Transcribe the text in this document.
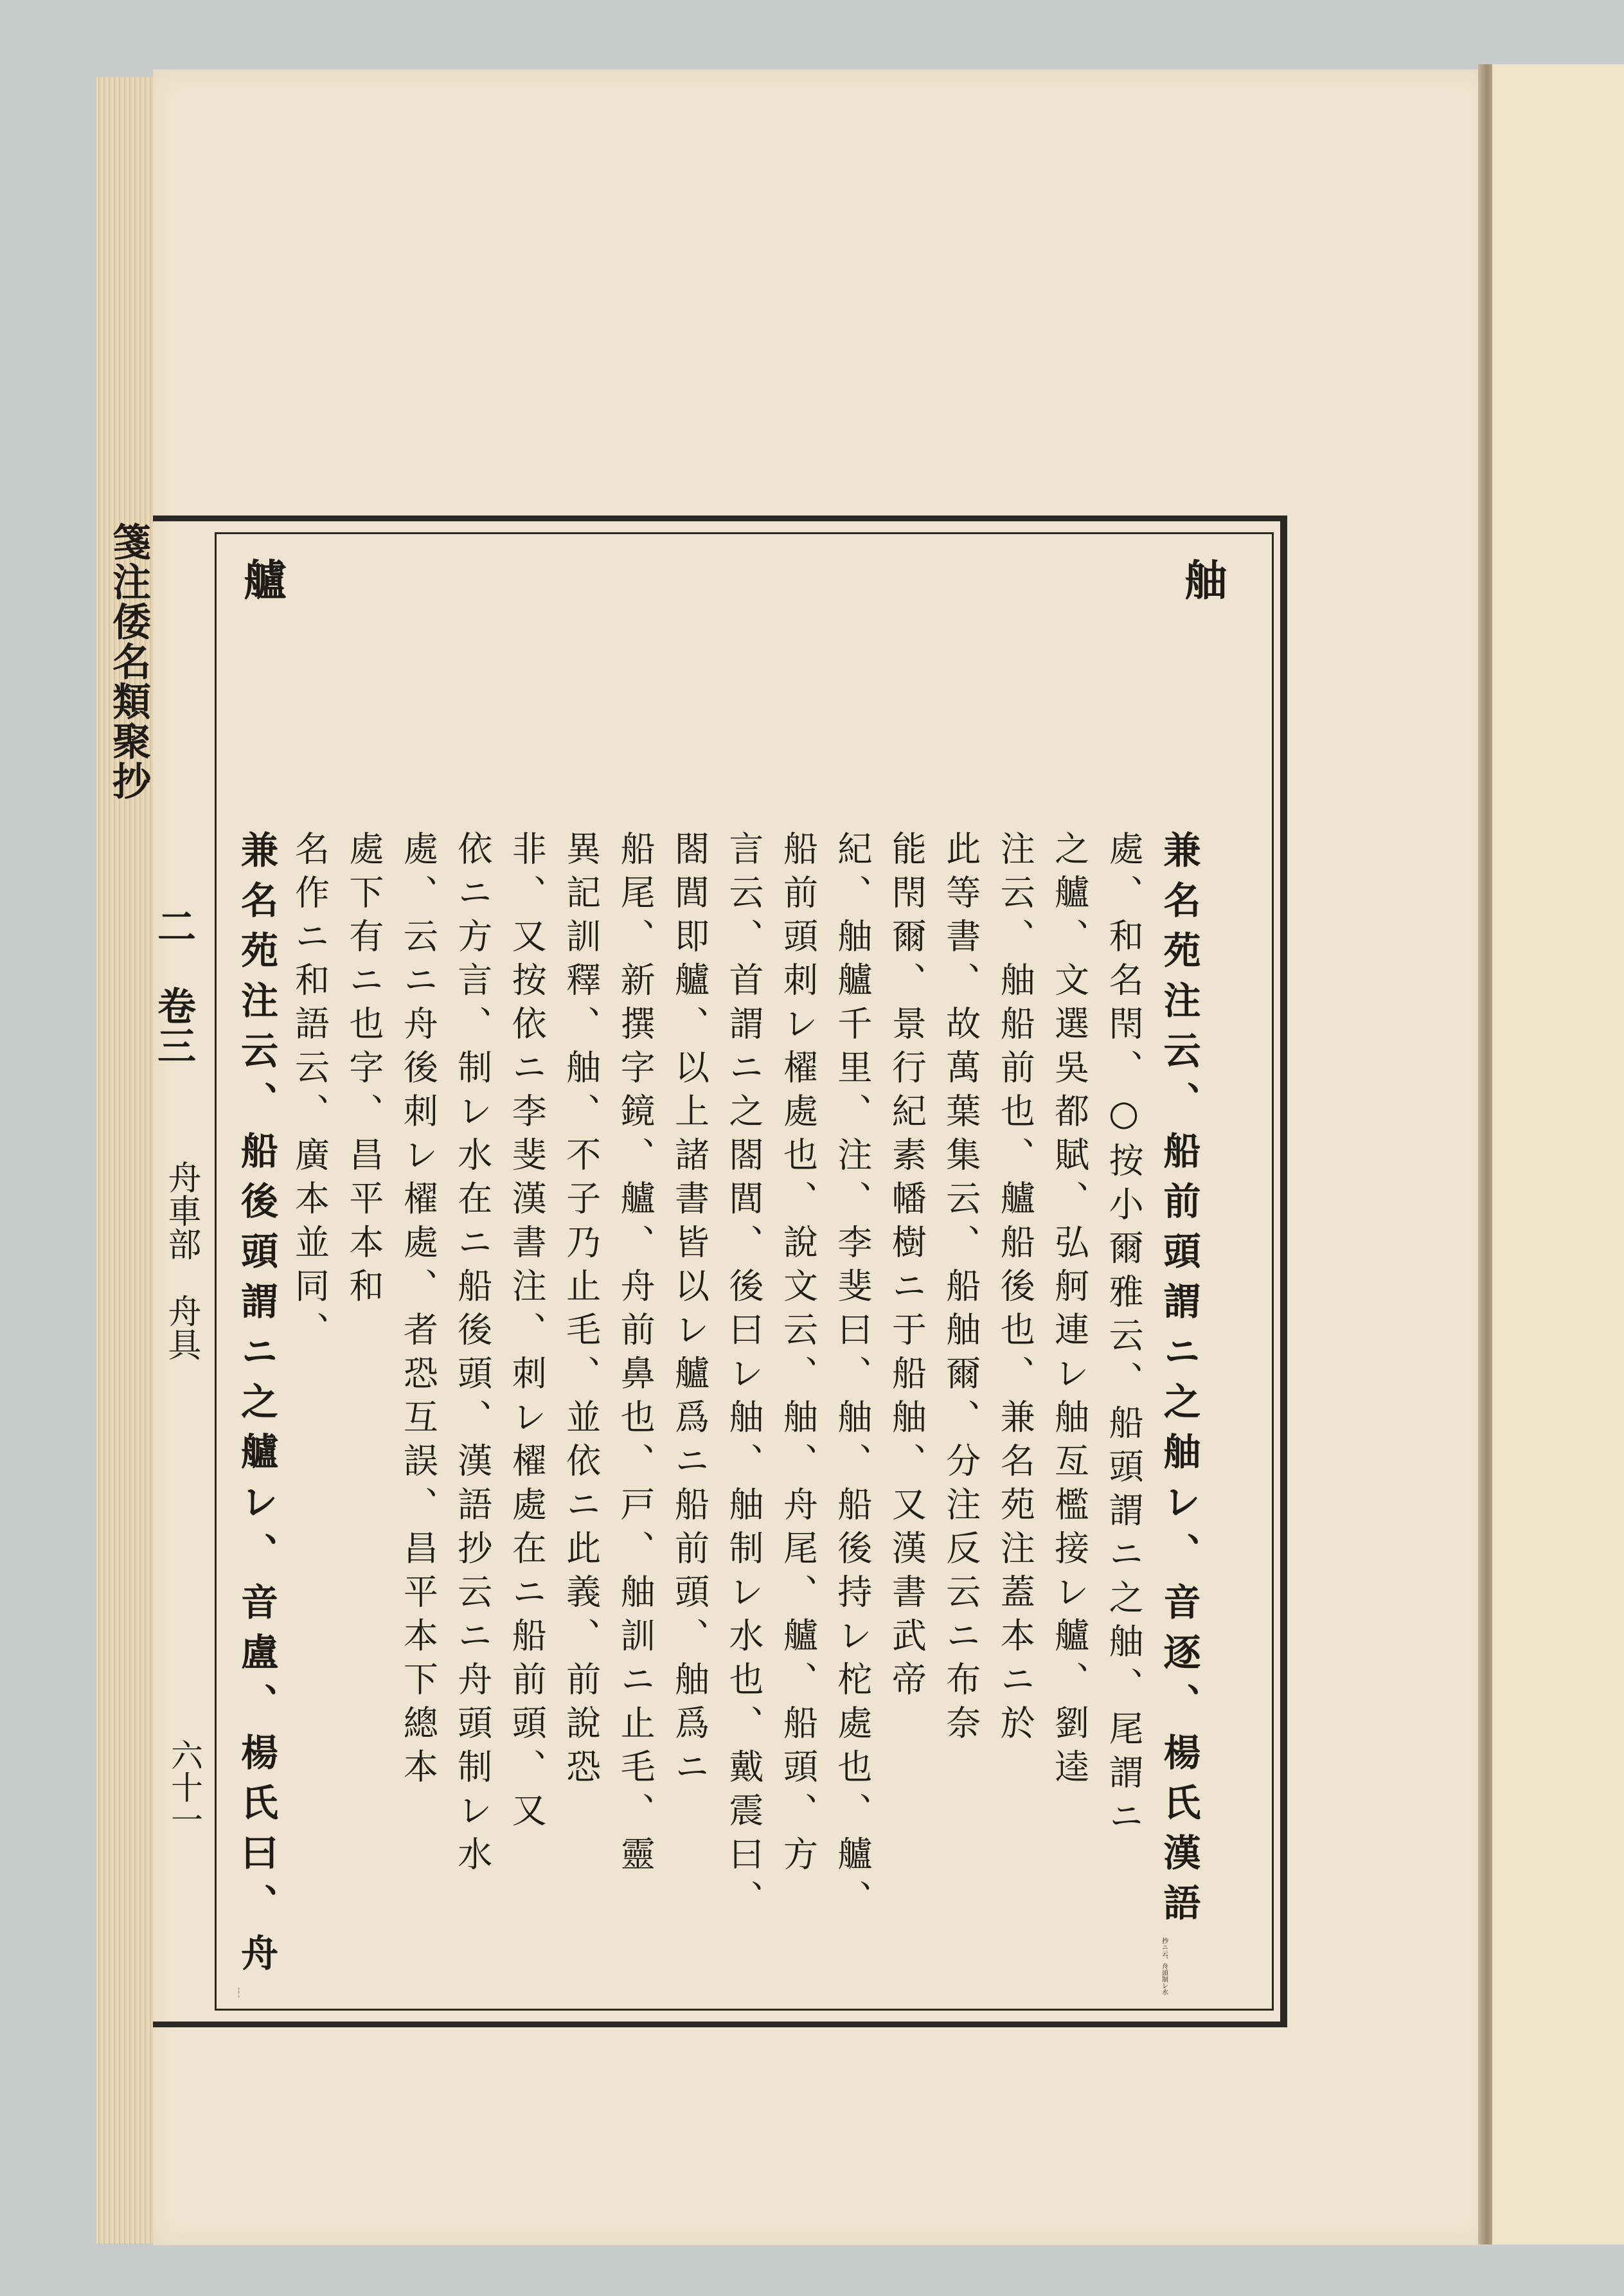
箋注倭名類聚抄
二　卷三
舟車部　舟具
六十一

舳
兼名苑注云、船前頭謂ニ之舳レ、音逐、楊氏漢語
抄ニ云、舟頭制レ水
處、和名閇、○按小爾雅云、船頭謂ニ之舳、尾謂ニ
之艫、文選吳都賦、弘舸連レ舳亙檻接レ艫、劉逵
注云、舳船前也、艫船後也、兼名苑注蓋本ニ於
此等書、故萬葉集云、船舳爾、分注反云ニ布奈
能閇爾、景行紀素幡樹ニ于船舳、又漢書武帝
紀、舳艫千里、注、李斐曰、舳、船後持レ柁處也、艫、
船前頭刺レ櫂處也、說文云、舳、舟尾、艫、船頭、方
言云、首謂ニ之閤閭、後曰レ舳、舳制レ水也、戴震曰、
閤閭即艫、以上諸書皆以レ艫爲ニ船前頭、舳爲ニ
船尾、新撰字鏡、艫、舟前鼻也、戸、舳訓ニ止毛、靈
異記訓釋、舳、不子乃止毛、並依ニ此義、前說恐
非、又按依ニ李斐漢書注、刺レ櫂處在ニ船前頭、又
依ニ方言、制レ水在ニ船後頭、漢語抄云ニ舟頭制レ水
處、云ニ舟後刺レ櫂處、者恐互誤、昌平本下總本
處下有ニ也字、昌平本和
名作ニ和語云、廣本並同、
艫
兼名苑注云、船後頭謂ニ之艫レ、音盧、楊氏曰、舟
後刺レ櫂處、和語
